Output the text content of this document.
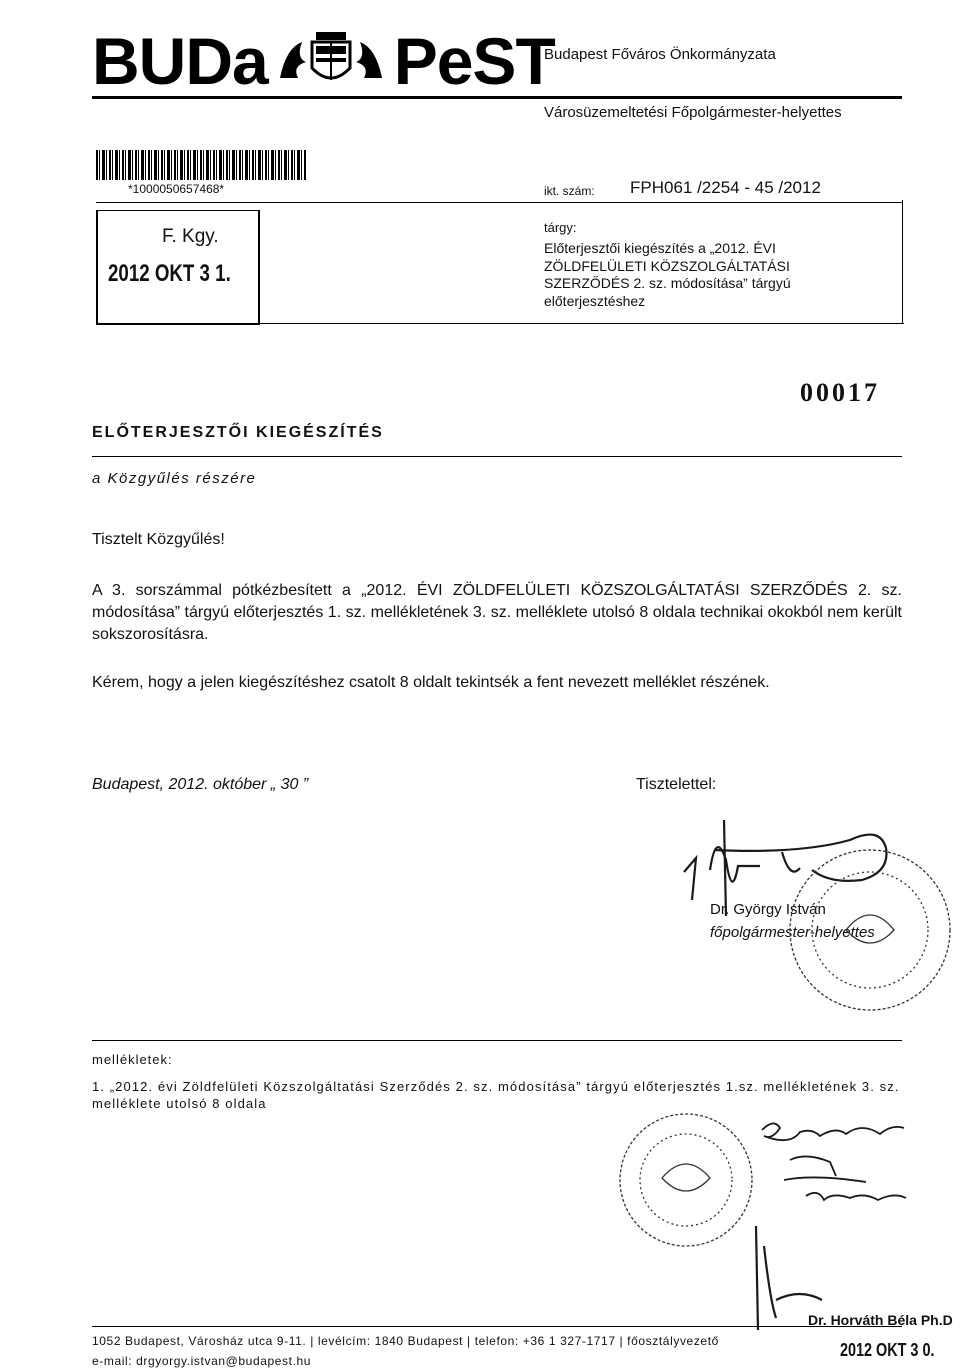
BUDa PeST
Budapest Főváros Önkormányzata
Városüzemeltetési Főpolgármester-helyettes
*1000050657468*	ikt. szám: FPH061 /2254 - 45 /2012
F. Kgy.
2012 OKT 3 1.
tárgy:
Előterjesztői kiegészítés a „2012. ÉVI
ZÖLDFELÜLETI KÖZSZOLGÁLTATÁSI
SZERZŐDÉS 2. sz. módosítása” tárgyú
előterjesztéshez
00017
ELŐTERJESZTŐI KIEGÉSZÍTÉS
a Közgyűlés részére
Tisztelt Közgyűlés!
A 3. sorszámmal pótkézbesített a „2012. ÉVI ZÖLDFELÜLETI KÖZSZOLGÁLTATÁSI SZERZŐDÉS 2. sz. módosítása” tárgyú előterjesztés 1. sz. mellékletének 3. sz. melléklete utolsó 8 oldala technikai okokból nem került sokszorosításra.
Kérem, hogy a jelen kiegészítéshez csatolt 8 oldalt tekintsék a fent nevezett melléklet részének.
Budapest, 2012. október „ 30 ”	Tisztelettel:
Dr. György István
főpolgármester-helyettes
mellékletek:
1. „2012. évi Zöldfelületi Közszolgáltatási Szerződés 2. sz. módosítása” tárgyú előterjesztés 1.sz. mellékletének 3. sz. melléklete utolsó 8 oldala
Dr. Horváth Béla Ph.D
1052 Budapest, Városház utca 9-11. | levélcím: 1840 Budapest | telefon: +36 1 327-1717 | főosztályvezető
e-mail: drgyorgy.istvan@budapest.hu
2012 OKT 3 0.
